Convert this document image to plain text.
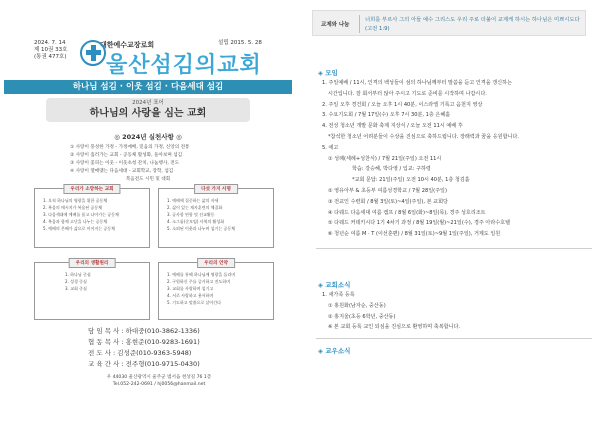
2024. 7. 14
제 10권 33호
(통권 477호)
설립 2015. 5. 28
대한예수교장로회
울산섬김의교회
하나님 섬김 · 이웃 섬김 · 다음세대 섬김
2024년 표어
하나님의 사랑을 심는 교회
◎ 2024년 실천사항 ◎
① 사랑이 풍성한 가정 - 가정예배, 믿음의 가정, 신앙의 전통
② 사랑이 흘러가는 교회 - 공동체 활성화, 돌아보며 섬김
③ 사랑이 꽃피는 이웃 - 이웃초청 잔치, 나눔행사, 전도
④ 사랑이 열매맺는 다음세대 - 교회학교, 장학, 섬김
복음전도 시민 및 대회
우리가 소망하는 교회
1. 오직 하나님의 영광을 위한 공동체
2. 복음의 메시지가 복음된 공동체
3. 다음세대에 예배를 품고 나아가는 공동체
4. 복음과 함께 고난을 나누는 공동체
5. 예배의 은혜가 삶으로 이어지는 공동체
다섯 가지 사명
1. 예배에 집중하는 삶의 자세
2. 삶이 있는 제자훈련의 체질화
3. 공사합 연합 및 선교활동
4. 소그룹(순모임) 사역의 활성화
5. 소외된 이웃과 나누며 섬기는 공동체
우리의 생활원리
1. 하나님 중심
2. 성경 중심
3. 교회 중심
우리의 언약
1. 예배를 통해 하나님께 영광을 돌리며
2. 구원하신 주를 증거하고 전도하며
3. 교회를 사랑하며 섬기고
4. 서로 사랑하고 용서하며
5. 기도하고 말씀으로 살아간다
담 임 목 사 : 하대중(010-3862-1336)
협 동 목 사 : 홍현준(010-9283-1691)
전 도 사 : 김성준(010-9363-5948)
교 육 간 사 : 전주형(010-9715-0430)
우 44030 울산광역시 울주군 범서읍 천상길 76 1층
Tel.052-242-0691 / hj0056@hanmail.net
교제와 나눔
너희를 부르사 그의 아들 예수 그리스도 우리 주로 더불어 교제케 하시는 하나님은 미쁘시도다 (고전 1:9)
◈ 모임
1. 주일예배 / 11시, 인격의 백성들이 섬의 하나님께부터 말씀을 듣고 인격을 갱신하는
시간입니다. 잘 회서부터 않아 주시고 기도로 준비를 시작하며 나갑시다.
2. 주일 오후 경건회 / 오늘 오후 1시 40분, 이스라엘 기록고 음천지 영상
3. 수요기도회 / 7월 17일(수) 오후 7시 30분, 1층 은혜홀
4. 전성 청소년 개발 문화 축제 지상식 / 오늘 오전 11시 예배 후
*참석한 청소년 어려분들이 수상을 진심으로 축하드립니다. 장래력과 꿈을 응원합니다.
5. 에고
① 성례(세례+성찬식) / 7월 21일(주일) 오전 11시
학습: 강승혜, 박다영 / 입교: 구하령
*교회 문답: 21일(주일) 오전 10시 40분, 1층 청김홀
② 영유아부 & 초등부 여름성경학교 / 7월 28일(주일)
③ 전교인 수련회 / 8월 3일(토)~4일(주일), 본 교회당
④ 다웨드 다음세대 여름 캠프 / 8월 6일(화)~8일(목), 경주 성호리조트
⑤ 다웨드 커데키시다 1기 4차기 과정 / 8월 19일(월)~21일(수), 경주 아라수호텔
⑥ 청년순 여름 M · T (이선훈편) / 8월 31일(토)~9월 1일(주일), 거제도 일원
◈ 교회소식
1. 새가족 등록
① 홍원화(남자순, 중산동)
② 홍지울(초등 6학년, 중산동)
※ 본 교회 등록 교인 되심을 진심으로 환영하며 축복합니다.
◈ 교우소식
